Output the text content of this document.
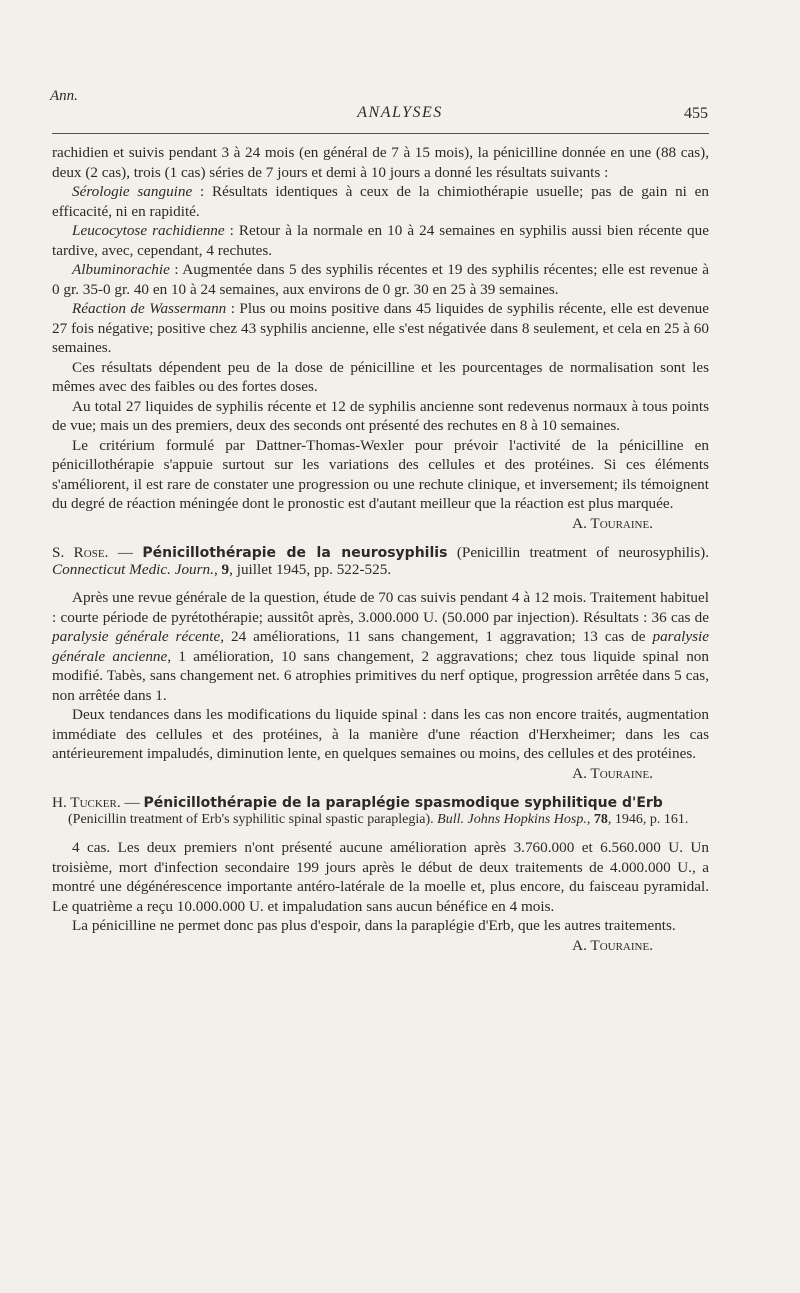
Ann.
ANALYSES	455

rachidien et suivis pendant 3 à 24 mois (en général de 7 à 15 mois), la pénicilline donnée en une (88 cas), deux (2 cas), trois (1 cas) séries de 7 jours et demi à 10 jours a donné les résultats suivants :

Sérologie sanguine : Résultats identiques à ceux de la chimiothérapie usuelle; pas de gain ni en efficacité, ni en rapidité.

Leucocytose rachidienne : Retour à la normale en 10 à 24 semaines en syphilis aussi bien récente que tardive, avec, cependant, 4 rechutes.

Albuminorachie : Augmentée dans 5 des syphilis récentes et 19 des syphilis récentes; elle est revenue à 0 gr. 35-0 gr. 40 en 10 à 24 semaines, aux environs de 0 gr. 30 en 25 à 39 semaines.

Réaction de Wassermann : Plus ou moins positive dans 45 liquides de syphilis récente, elle est devenue 27 fois négative; positive chez 43 syphilis ancienne, elle s'est négativée dans 8 seulement, et cela en 25 à 60 semaines.

Ces résultats dépendent peu de la dose de pénicilline et les pourcentages de normalisation sont les mêmes avec des faibles ou des fortes doses.

Au total 27 liquides de syphilis récente et 12 de syphilis ancienne sont redevenus normaux à tous points de vue; mais un des premiers, deux des seconds ont présenté des rechutes en 8 à 10 semaines.

Le critérium formulé par Dattner-Thomas-Wexler pour prévoir l'activité de la pénicilline en pénicillothérapie s'appuie surtout sur les variations des cellules et des protéines. Si ces éléments s'améliorent, il est rare de constater une progression ou une rechute clinique, et inversement; ils témoignent du degré de réaction méningée dont le pronostic est d'autant meilleur que la réaction est plus marquée.

A. Touraine.

S. Rose. — Pénicillothérapie de la neurosyphilis (Penicillin treatment of neurosyphilis). Connecticut Medic. Journ., 9, juillet 1945, pp. 522-525.

Après une revue générale de la question, étude de 70 cas suivis pendant 4 à 12 mois. Traitement habituel : courte période de pyrétothérapie; aussitôt après, 3.000.000 U. (50.000 par injection). Résultats : 36 cas de paralysie générale récente, 24 améliorations, 11 sans changement, 1 aggravation; 13 cas de paralysie générale ancienne, 1 amélioration, 10 sans changement, 2 aggravations; chez tous liquide spinal non modifié. Tabès, sans changement net. 6 atrophies primitives du nerf optique, progression arrêtée dans 5 cas, non arrêtée dans 1.

Deux tendances dans les modifications du liquide spinal : dans les cas non encore traités, augmentation immédiate des cellules et des protéines, à la manière d'une réaction d'Herxheimer; dans les cas antérieurement impaludés, diminution lente, en quelques semaines ou moins, des cellules et des protéines.

A. Touraine.

H. Tucker. — Pénicillothérapie de la paraplégie spasmodique syphilitique d'Erb
(Penicillin treatment of Erb's syphilitic spinal spastic paraplegia). Bull. Johns Hopkins Hosp., 78, 1946, p. 161.

4 cas. Les deux premiers n'ont présenté aucune amélioration après 3.760.000 et 6.560.000 U. Un troisième, mort d'infection secondaire 199 jours après le début de deux traitements de 4.000.000 U., a montré une dégénérescence importante antéro-latérale de la moelle et, plus encore, du faisceau pyramidal. Le quatrième a reçu 10.000.000 U. et impaludation sans aucun bénéfice en 4 mois.

La pénicilline ne permet donc pas plus d'espoir, dans la paraplégie d'Erb, que les autres traitements.

A. Touraine.
